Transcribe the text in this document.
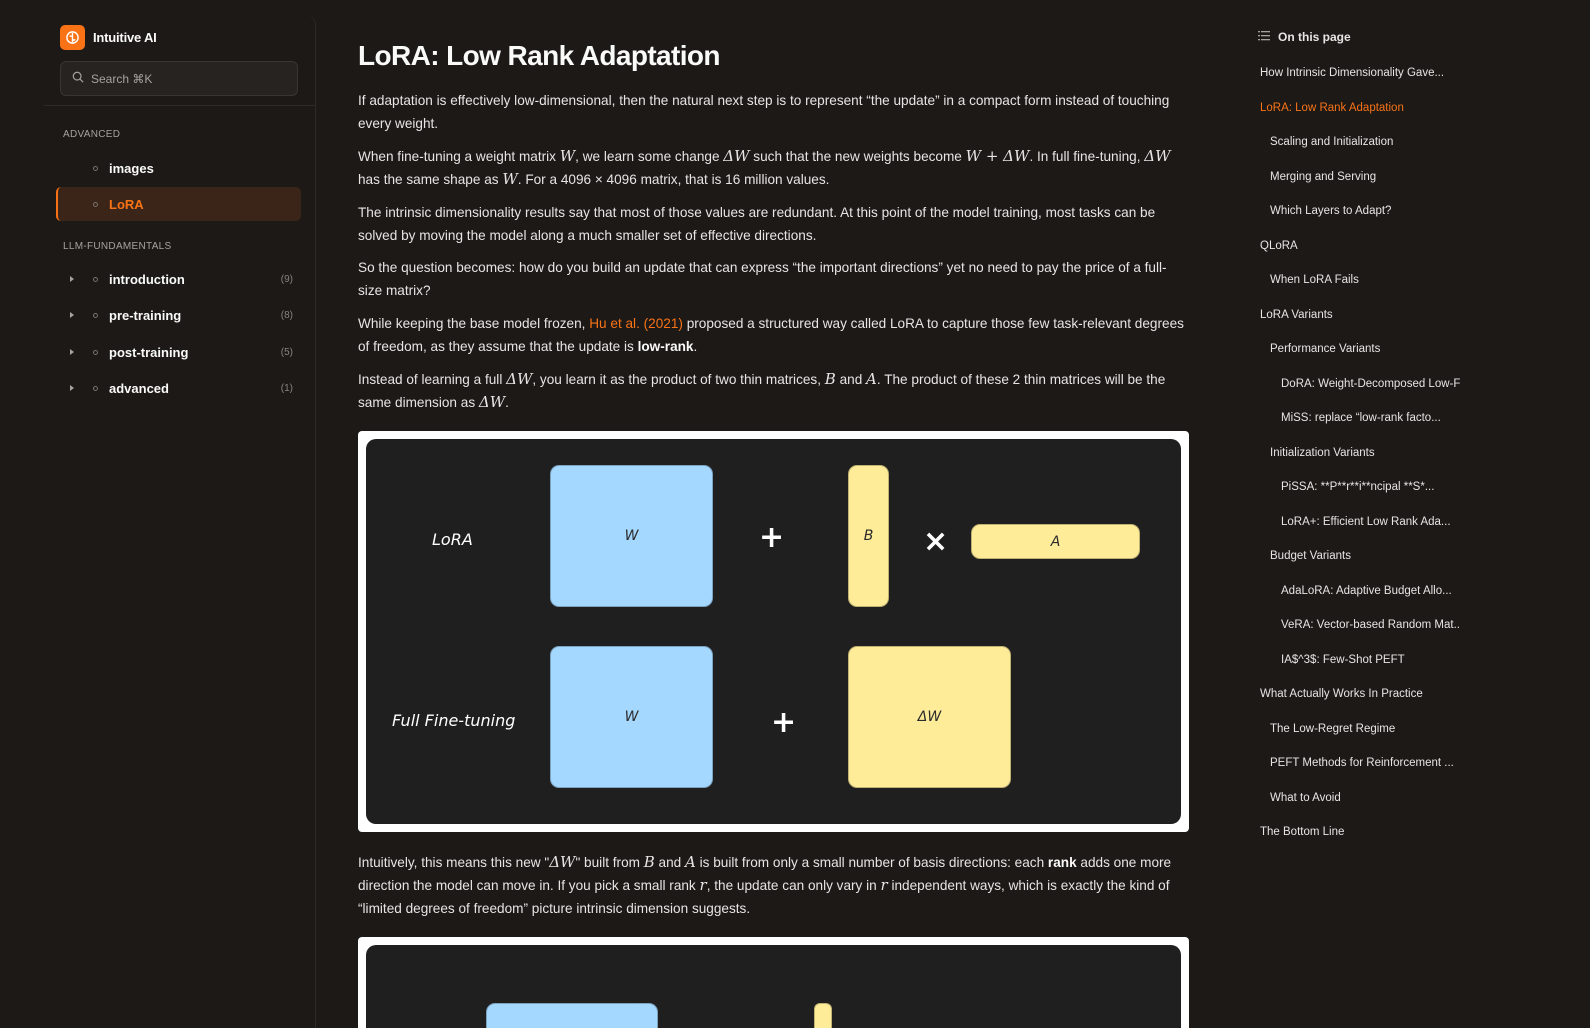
Intuitive AI
Search ⌘K
ADVANCED
images
LoRA
LLM-FUNDAMENTALS
introduction	(9)
pre-training	(8)
post-training	(5)
advanced	(1)
LoRA: Low Rank Adaptation

If adaptation is effectively low-dimensional, then the natural next step is to represent “the update” in a compact form instead of touching every weight.

When fine-tuning a weight matrix W, we learn some change ΔW such that the new weights become W + ΔW. In full fine-tuning, ΔW has the same shape as W. For a 4096 × 4096 matrix, that is 16 million values.

The intrinsic dimensionality results say that most of those values are redundant. At this point of the model training, most tasks can be solved by moving the model along a much smaller set of effective directions.

So the question becomes: how do you build an update that can express “the important directions” yet no need to pay the price of a full-size matrix?

While keeping the base model frozen, Hu et al. (2021) proposed a structured way called LoRA to capture those few task-relevant degrees of freedom, as they assume that the update is low-rank.

Instead of learning a full ΔW, you learn it as the product of two thin matrices, B and A. The product of these 2 thin matrices will be the same dimension as ΔW.

LoRA	W	+	B ×	A
Full Fine-tuning	W	+	ΔW

Intuitively, this means this new "ΔW" built from B and A is built from only a small number of basis directions: each rank adds one more direction the model can move in. If you pick a small rank r, the update can only vary in r independent ways, which is exactly the kind of “limited degrees of freedom” picture intrinsic dimension suggests.

On this page
How Intrinsic Dimensionality Gave...
LoRA: Low Rank Adaptation
Scaling and Initialization
Merging and Serving
Which Layers to Adapt?
QLoRA
When LoRA Fails
LoRA Variants
Performance Variants
DoRA: Weight-Decomposed Low-F
MiSS: replace “low-rank facto...
Initialization Variants
PiSSA: **P**r**i**ncipal **S*...
LoRA+: Efficient Low Rank Ada...
Budget Variants
AdaLoRA: Adaptive Budget Allo...
VeRA: Vector-based Random Mat..
IA$^3$: Few-Shot PEFT
What Actually Works In Practice
The Low-Regret Regime
PEFT Methods for Reinforcement ...
What to Avoid
The Bottom Line
